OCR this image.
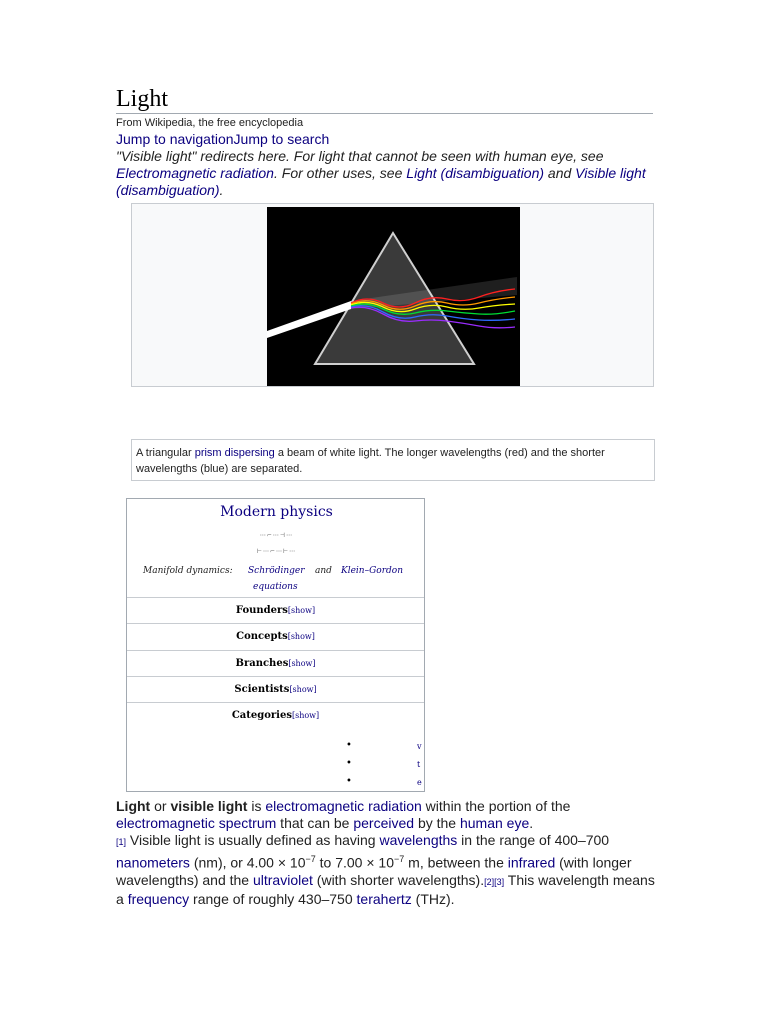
Light
From Wikipedia, the free encyclopedia
Jump to navigationJump to search
"Visible light" redirects here. For light that cannot be seen with human eye, see Electromagnetic radiation. For other uses, see Light (disambiguation) and Visible light (disambiguation).
A triangular prism dispersing a beam of white light. The longer wavelengths (red) and the shorter wavelengths (blue) are separated.
Modern physics
⋯⌐⋯⊣⋯
⊢⋯⌐⋯⊢⋯
Manifold dynamics: Schrödinger
equations
and Klein–Gordon
Founders[show]
Concepts[show]
Branches[show]
Scientists[show]
Categories[show]
•	v
•	t
•	e
Light or visible light is electromagnetic radiation within the portion of the electromagnetic spectrum that can be perceived by the human eye.
[1] Visible light is usually defined as having wavelengths in the range of 400–700 nanometers (nm), or $4.00 \times 10^{-7}$ to $7.00 \times 10^{-7}$ m, between the infrared (with longer wavelengths) and the ultraviolet (with shorter wavelengths).[2][3] This wavelength means a frequency range of roughly 430–750 terahertz (THz).
